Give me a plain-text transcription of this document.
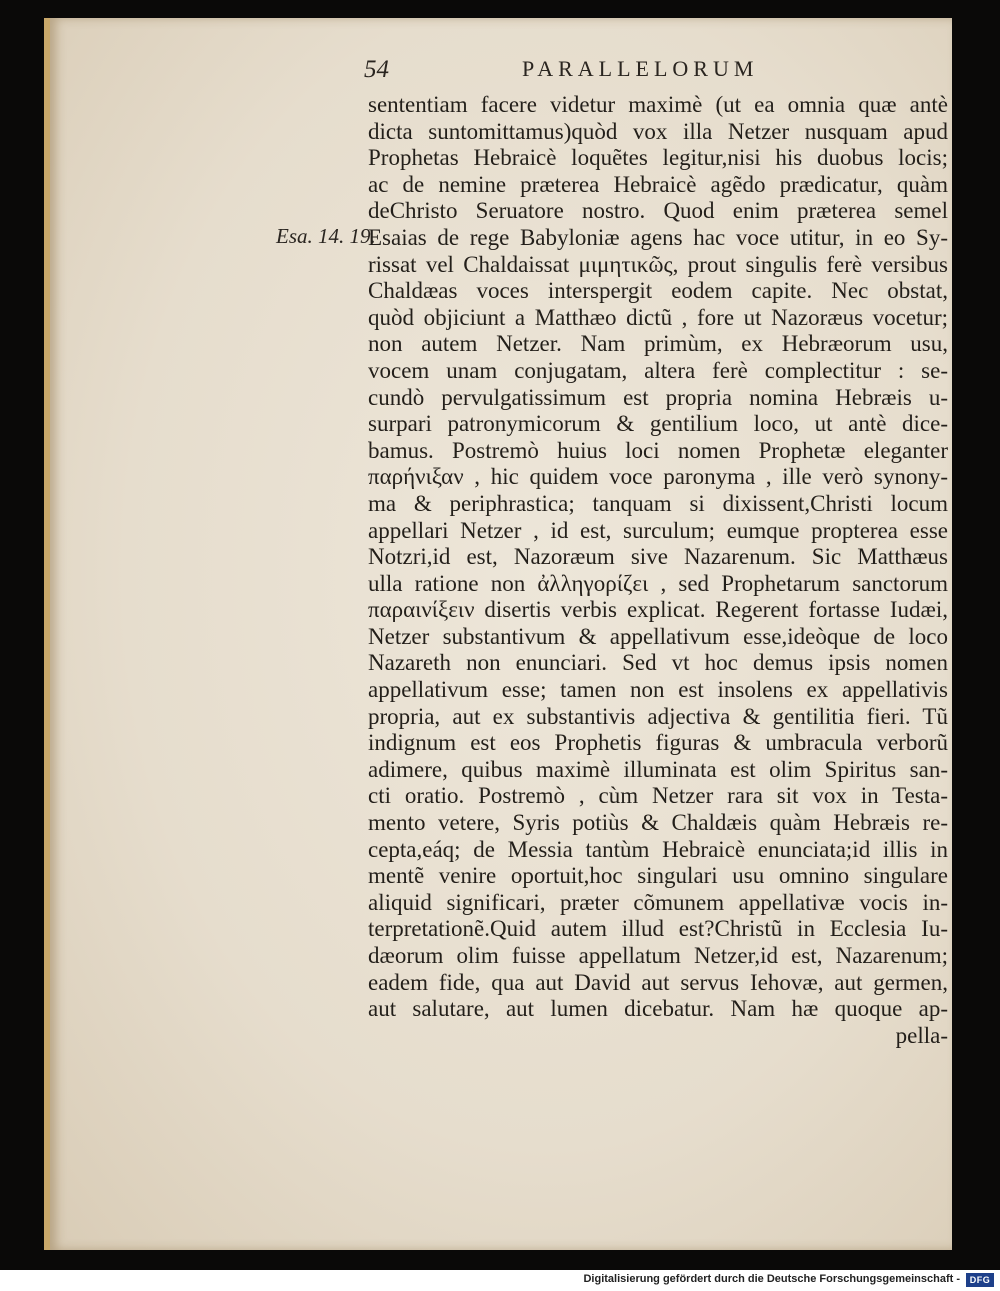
54	PARALLELORUM
Esa. 14. 19.
sententiam facere videtur maximè (ut ea omnia quæ antè
dicta suntomittamus)quòd vox illa Netzer nusquam apud
Prophetas Hebraicè loquẽtes legitur,nisi his duobus locis;
ac de nemine præterea Hebraicè agẽdo prædicatur, quàm
deChristo Seruatore nostro. Quod enim præterea semel
Esaias de rege Babyloniæ agens hac voce utitur, in eo Sy-
rissat vel Chaldaissat μιμητικῶς, prout singulis ferè versibus
Chaldæas voces interspergit eodem capite. Nec obstat,
quòd objiciunt a Matthæo dictũ , fore ut Nazoræus vocetur;
non autem Netzer. Nam primùm, ex Hebræorum usu,
vocem unam conjugatam, altera ferè complectitur : se-
cundò pervulgatissimum est propria nomina Hebræis u-
surpari patronymicorum & gentilium loco, ut antè dice-
bamus. Postremò huius loci nomen Prophetæ eleganter
παρήνιξαν , hic quidem voce paronyma , ille verò synony-
ma & periphrastica; tanquam si dixissent,Christi locum
appellari Netzer , id est, surculum; eumque propterea esse
Notzri,id est, Nazoræum sive Nazarenum. Sic Matthæus
ulla ratione non ἀλληγορίζει , sed Prophetarum sanctorum
παραινίξειν disertis verbis explicat. Regerent fortasse Iudæi,
Netzer substantivum & appellativum esse,ideòque de loco
Nazareth non enunciari. Sed vt hoc demus ipsis nomen
appellativum esse; tamen non est insolens ex appellativis
propria, aut ex substantivis adjectiva & gentilitia fieri. Tũ
indignum est eos Prophetis figuras & umbracula verborũ
adimere, quibus maximè illuminata est olim Spiritus san-
cti oratio. Postremò , cùm Netzer rara sit vox in Testa-
mento vetere, Syris potiùs & Chaldæis quàm Hebræis re-
cepta,eáq; de Messia tantùm Hebraicè enunciata;id illis in
mentẽ venire oportuit,hoc singulari usu omnino singulare
aliquid significari, præter cõmunem appellativæ vocis in-
terpretationẽ.Quid autem illud est?Christũ in Ecclesia Iu-
dæorum olim fuisse appellatum Netzer,id est, Nazarenum;
eadem fide, qua aut David aut servus Iehovæ, aut germen,
aut salutare, aut lumen dicebatur. Nam hæ quoque ap-
pella-
Digitalisierung gefördert durch die Deutsche Forschungsgemeinschaft -	DFG
